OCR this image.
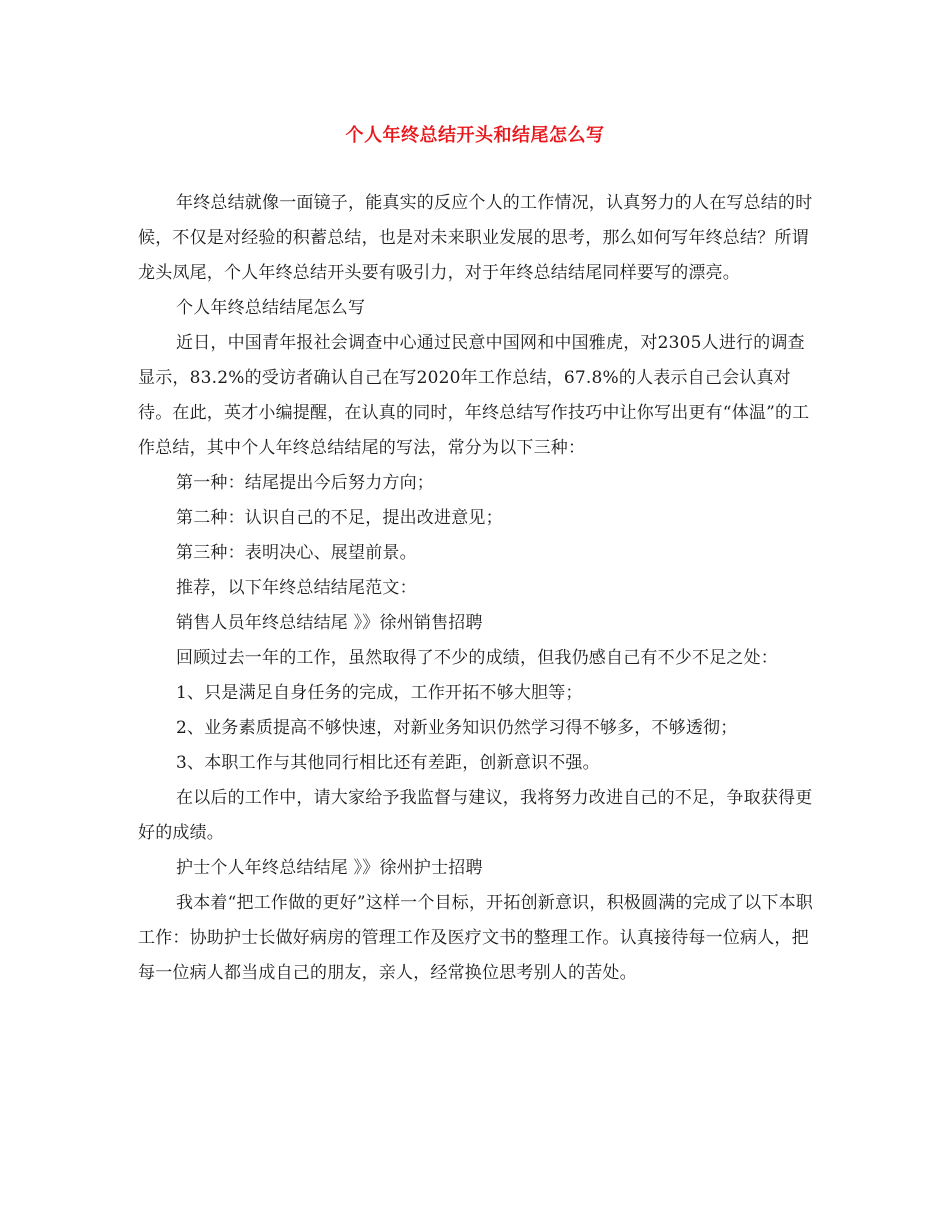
个人年终总结开头和结尾怎么写

年终总结就像一面镜子，能真实的反应个人的工作情况，认真努力的人在写总结的时候，不仅是对经验的积蓄总结，也是对未来职业发展的思考，那么如何写年终总结？所谓龙头凤尾，个人年终总结开头要有吸引力，对于年终总结结尾同样要写的漂亮。

个人年终总结结尾怎么写

近日，中国青年报社会调查中心通过民意中国网和中国雅虎，对2305人进行的调查显示，83.2%的受访者确认自己在写2020年工作总结，67.8%的人表示自己会认真对待。在此，英才小编提醒，在认真的同时，年终总结写作技巧中让你写出更有“体温”的工作总结，其中个人年终总结结尾的写法，常分为以下三种：

第一种：结尾提出今后努力方向；

第二种：认识自己的不足，提出改进意见；

第三种：表明决心、展望前景。

推荐，以下年终总结结尾范文：

销售人员年终总结结尾 》》徐州销售招聘

回顾过去一年的工作，虽然取得了不少的成绩，但我仍感自己有不少不足之处：

1、只是满足自身任务的完成，工作开拓不够大胆等；

2、业务素质提高不够快速，对新业务知识仍然学习得不够多，不够透彻；

3、本职工作与其他同行相比还有差距，创新意识不强。

在以后的工作中，请大家给予我监督与建议，我将努力改进自己的不足，争取获得更好的成绩。

护士个人年终总结结尾 》》徐州护士招聘

我本着“把工作做的更好”这样一个目标，开拓创新意识，积极圆满的完成了以下本职工作：协助护士长做好病房的管理工作及医疗文书的整理工作。认真接待每一位病人，把每一位病人都当成自己的朋友，亲人，经常换位思考别人的苦处。
